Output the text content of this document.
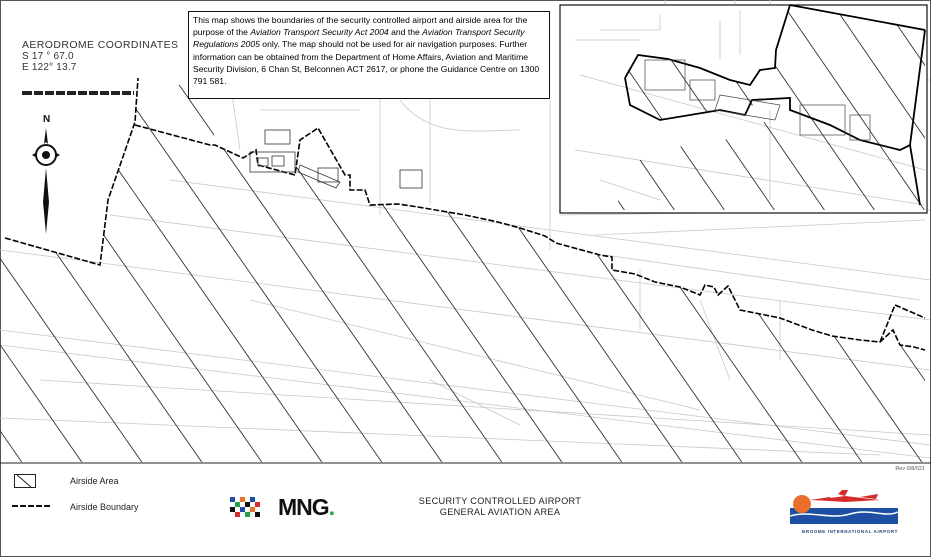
AERODROME COORDINATES
S 17 ° 67.0
E 122° 13.7
N
This map shows the boundaries of the security controlled airport and airside area for the purpose of the Aviation Transport Security Act 2004 and the Aviation Transport Security Regulations 2005 only. The map should not be used for air navigation purposes. Further information can be obtained from the Department of Home Affairs, Aviation and Maritime Security Division, 6 Chan St, Belconnen ACT 2617, or phone the Guidance Centre on 1300 791 581.
Airside Area
Airside Boundary	MNG.	SECURITY CONTROLLED AIRPORT
GENERAL AVIATION AREA
Rev 0/8/021
BROOME INTERNATIONAL AIRPORT
